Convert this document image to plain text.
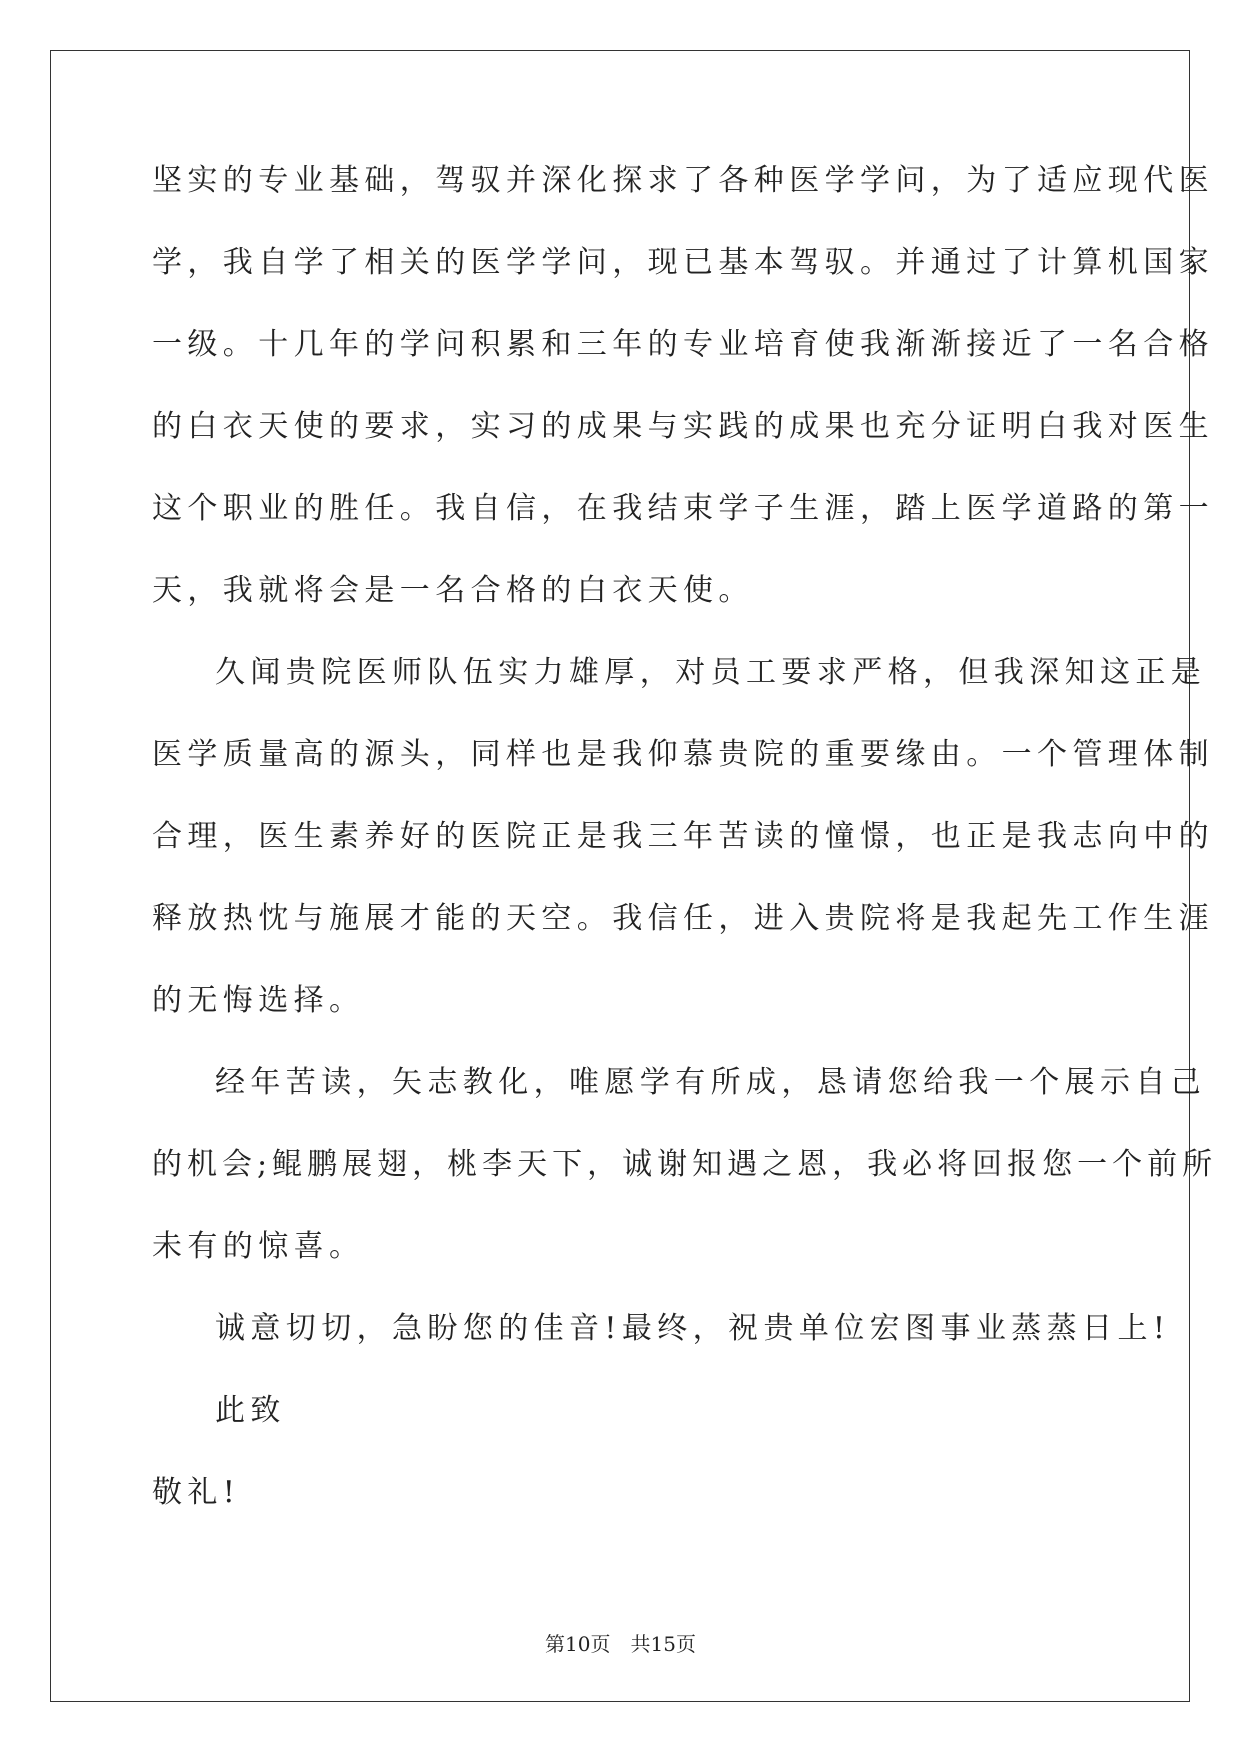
坚实的专业基础，驾驭并深化探求了各种医学学问，为了适应现代医
学，我自学了相关的医学学问，现已基本驾驭。并通过了计算机国家
一级。十几年的学问积累和三年的专业培育使我渐渐接近了一名合格
的白衣天使的要求，实习的成果与实践的成果也充分证明白我对医生
这个职业的胜任。我自信，在我结束学子生涯，踏上医学道路的第一
天，我就将会是一名合格的白衣天使。
久闻贵院医师队伍实力雄厚，对员工要求严格，但我深知这正是
医学质量高的源头，同样也是我仰慕贵院的重要缘由。一个管理体制
合理，医生素养好的医院正是我三年苦读的憧憬，也正是我志向中的
释放热忱与施展才能的天空。我信任，进入贵院将是我起先工作生涯
的无悔选择。
经年苦读，矢志教化，唯愿学有所成，恳请您给我一个展示自己
的机会;鲲鹏展翅，桃李天下，诚谢知遇之恩，我必将回报您一个前所
未有的惊喜。
诚意切切，急盼您的佳音!最终，祝贵单位宏图事业蒸蒸日上!
此致
敬礼!
第10页 共15页
